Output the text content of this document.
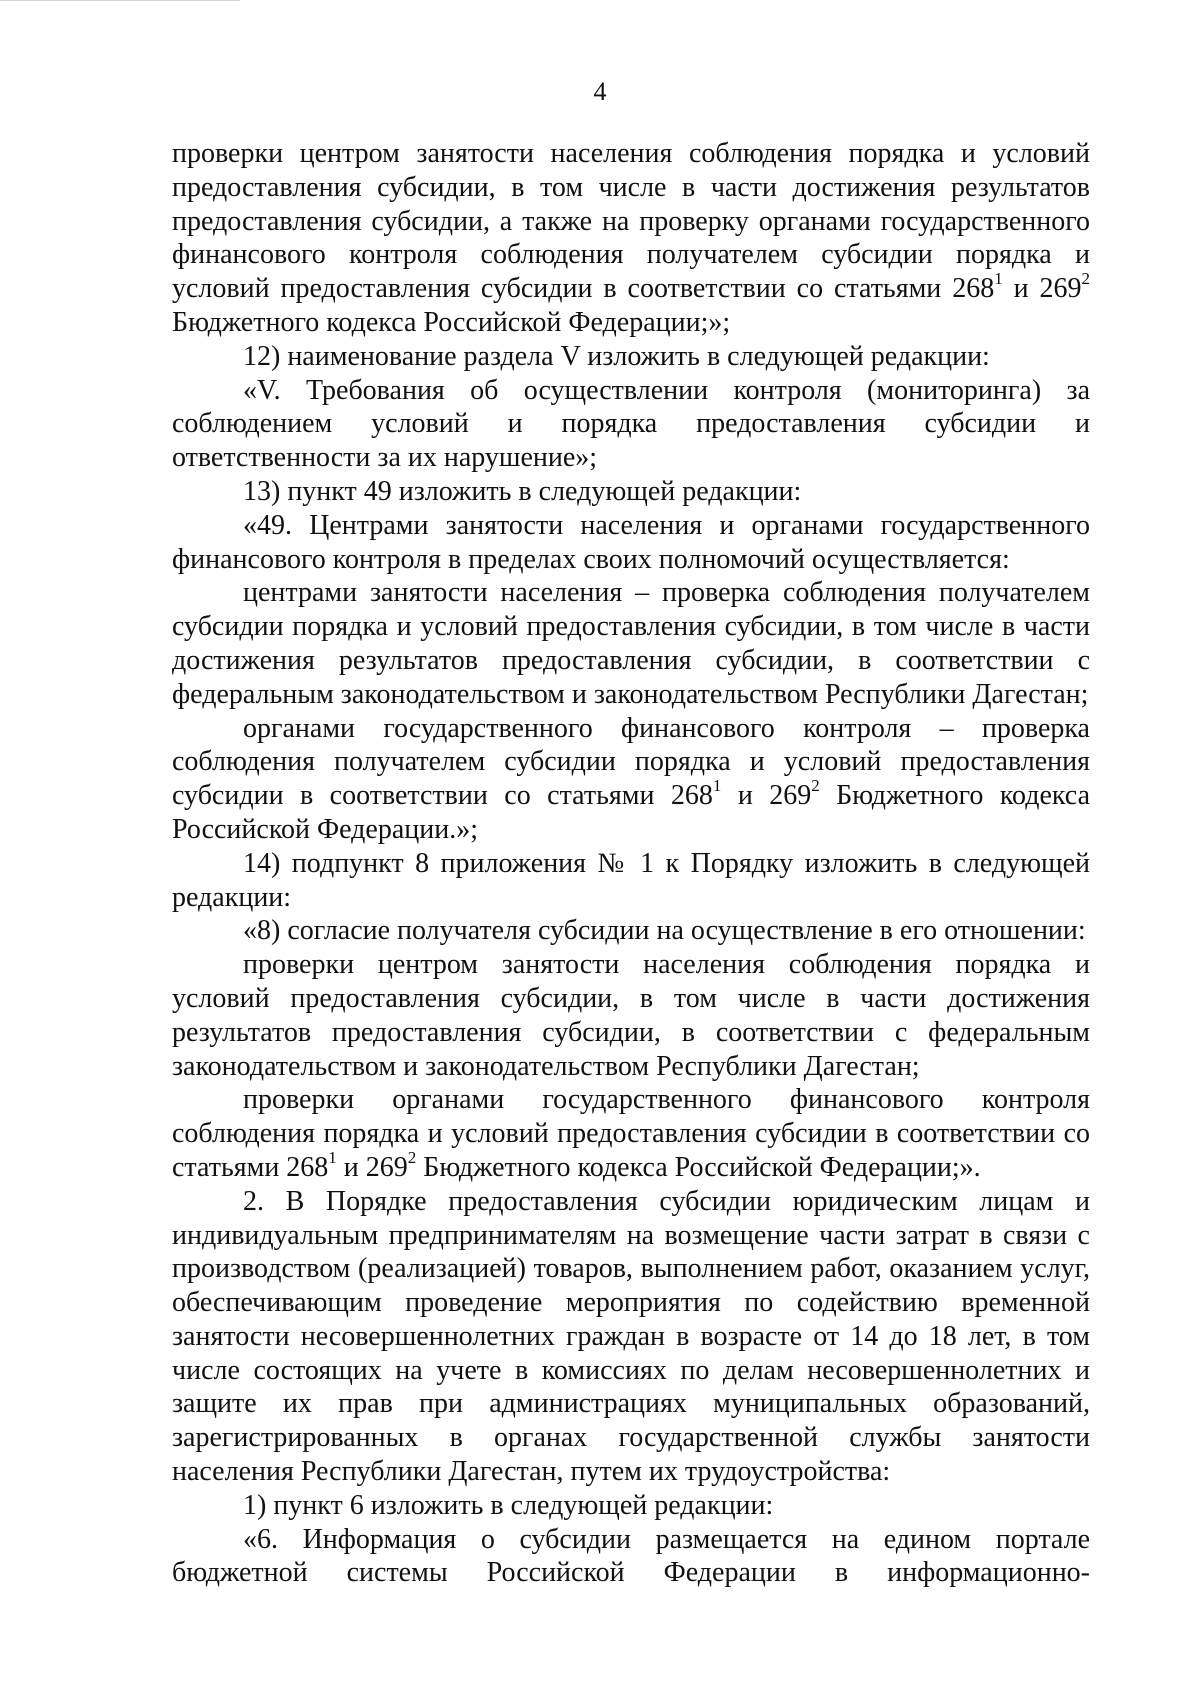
4

проверки центром занятости населения соблюдения порядка и условий предоставления субсидии, в том числе в части достижения результатов предоставления субсидии, а также на проверку органами государственного финансового контроля соблюдения получателем субсидии порядка и условий предоставления субсидии в соответствии со статьями $268^1$ и $269^2$ Бюджетного кодекса Российской Федерации;»;

12) наименование раздела V изложить в следующей редакции:

«V. Требования об осуществлении контроля (мониторинга) за соблюдением условий и порядка предоставления субсидии и ответственности за их нарушение»;

13) пункт 49 изложить в следующей редакции:

«49. Центрами занятости населения и органами государственного финансового контроля в пределах своих полномочий осуществляется:

центрами занятости населения – проверка соблюдения получателем субсидии порядка и условий предоставления субсидии, в том числе в части достижения результатов предоставления субсидии, в соответствии с федеральным законодательством и законодательством Республики Дагестан;

органами государственного финансового контроля – проверка соблюдения получателем субсидии порядка и условий предоставления субсидии в соответствии со статьями $268^1$ и $269^2$ Бюджетного кодекса Российской Федерации.»;

14) подпункт 8 приложения № 1 к Порядку изложить в следующей редакции:

«8) согласие получателя субсидии на осуществление в его отношении:

проверки центром занятости населения соблюдения порядка и условий предоставления субсидии, в том числе в части достижения результатов предоставления субсидии, в соответствии с федеральным законодательством и законодательством Республики Дагестан;

проверки органами государственного финансового контроля соблюдения порядка и условий предоставления субсидии в соответствии со статьями $268^1$ и $269^2$ Бюджетного кодекса Российской Федерации;».

2. В Порядке предоставления субсидии юридическим лицам и индивидуальным предпринимателям на возмещение части затрат в связи с производством (реализацией) товаров, выполнением работ, оказанием услуг, обеспечивающим проведение мероприятия по содействию временной занятости несовершеннолетних граждан в возрасте от 14 до 18 лет, в том числе состоящих на учете в комиссиях по делам несовершеннолетних и защите их прав при администрациях муниципальных образований, зарегистрированных в органах государственной службы занятости населения Республики Дагестан, путем их трудоустройства:

1) пункт 6 изложить в следующей редакции:

«6. Информация о субсидии размещается на едином портале бюджетной системы Российской Федерации в информационно-
